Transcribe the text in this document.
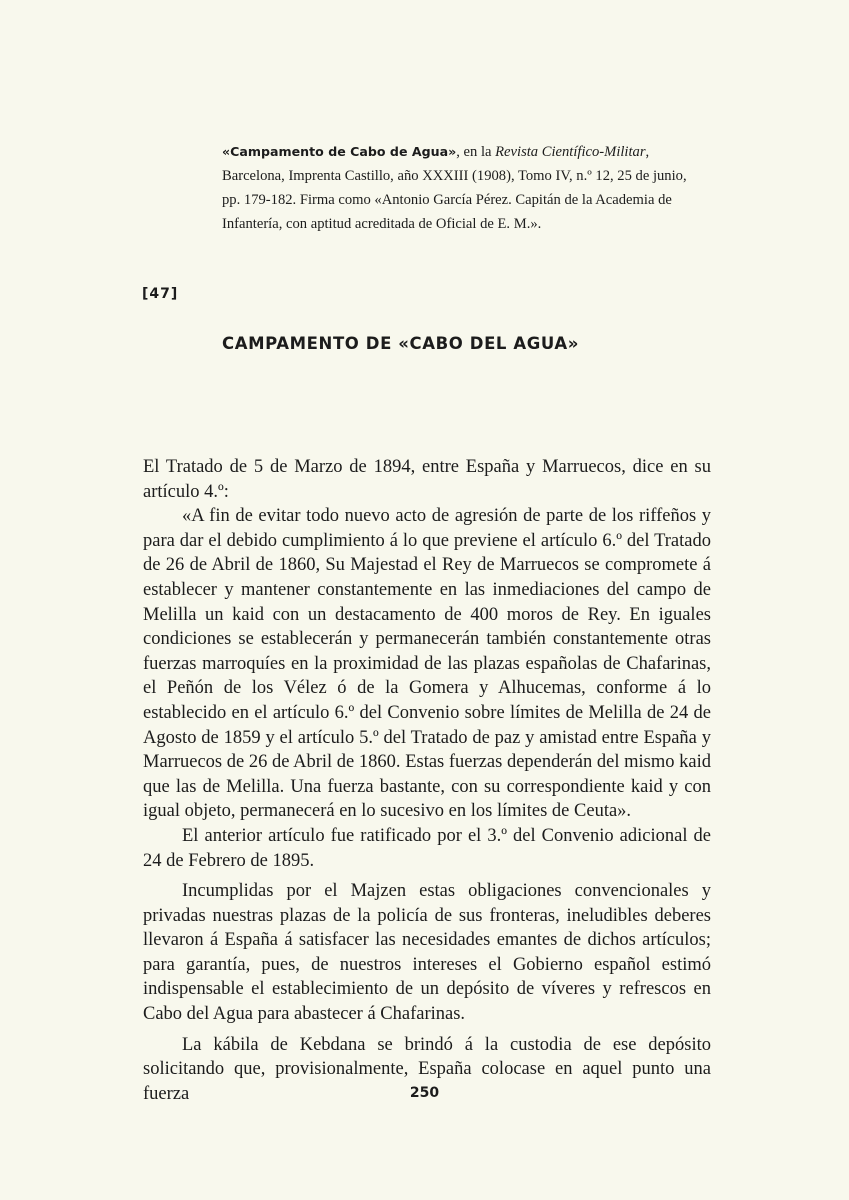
«Campamento de Cabo de Agua», en la Revista Científico-Militar, Barcelona, Imprenta Castillo, año XXXIII (1908), Tomo IV, n.º 12, 25 de junio, pp. 179-182. Firma como «Antonio García Pérez. Capitán de la Academia de Infantería, con aptitud acreditada de Oficial de E. M.».

[47]
CAMPAMENTO DE «CABO DEL AGUA»

El Tratado de 5 de Marzo de 1894, entre España y Marruecos, dice en su artículo 4.º:

«A fin de evitar todo nuevo acto de agresión de parte de los riffeños y para dar el debido cumplimiento á lo que previene el artículo 6.º del Tratado de 26 de Abril de 1860, Su Majestad el Rey de Marruecos se compromete á establecer y mantener constantemente en las inmediaciones del campo de Melilla un kaid con un destacamento de 400 moros de Rey. En iguales condiciones se establecerán y permanecerán también constantemente otras fuerzas marroquíes en la proximidad de las plazas españolas de Chafarinas, el Peñón de los Vélez ó de la Gomera y Alhucemas, conforme á lo establecido en el artículo 6.º del Convenio sobre límites de Melilla de 24 de Agosto de 1859 y el artículo 5.º del Tratado de paz y amistad entre España y Marruecos de 26 de Abril de 1860. Estas fuerzas dependerán del mismo kaid que las de Melilla. Una fuerza bastante, con su correspondiente kaid y con igual objeto, permanecerá en lo sucesivo en los límites de Ceuta».

El anterior artículo fue ratificado por el 3.º del Convenio adicional de 24 de Febrero de 1895.

Incumplidas por el Majzen estas obligaciones convencionales y privadas nuestras plazas de la policía de sus fronteras, ineludibles deberes llevaron á España á satisfacer las necesidades emantes de dichos artículos; para garantía, pues, de nuestros intereses el Gobierno español estimó indispensable el establecimiento de un depósito de víveres y refrescos en Cabo del Agua para abastecer á Chafarinas.

La kábila de Kebdana se brindó á la custodia de ese depósito solicitando que, provisionalmente, España colocase en aquel punto una fuerza	250
